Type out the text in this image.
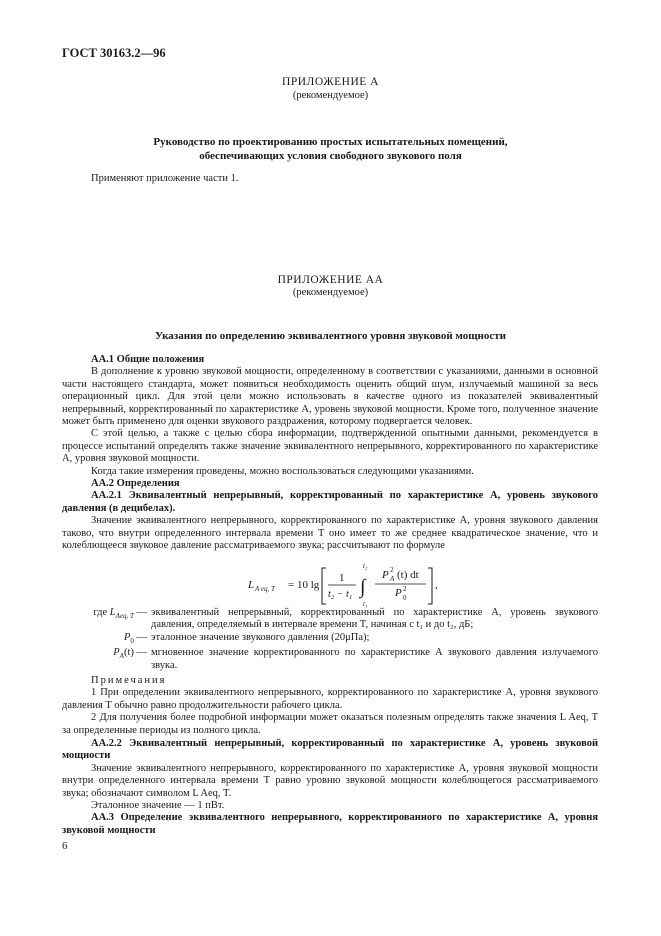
ГОСТ 30163.2—96
ПРИЛОЖЕНИЕ А
(рекомендуемое)
Руководство по проектированию простых испытательных помещений,
обеспечивающих условия свободного звукового поля

Применяют приложение части 1.

ПРИЛОЖЕНИЕ АА
(рекомендуемое)
Указания по определению эквивалентного уровня звуковой мощности

АА.1 Общие положения

В дополнение к уровню звуковой мощности, определенному в соответствии с указаниями, данными в основной части настоящего стандарта, может появиться необходимость оценить общий шум, излучаемый машиной за весь операционный цикл. Для этой цели можно использовать в качестве одного из показателей эквивалентный непрерывный, корректированный по характеристике А, уровень звуковой мощности. Кроме того, полученное значение может быть применено для оценки звукового раздражения, которому подвергается человек.

С этой целью, а также с целью сбора информации, подтвержденной опытными данными, рекомендуется в процессе испытаний определять также значение эквивалентного непрерывного, корректированного по характеристике А, уровня звуковой мощности.

Когда такие измерения проведены, можно воспользоваться следующими указаниями.

АА.2 Определения

АА.2.1 Эквивалентный непрерывный, корректированный по характеристике А, уровень звукового давления (в децибелах).

Значение эквивалентного непрерывного, корректированного по характеристике А, уровня звукового давления таково, что внутри определенного интервала времени T оно имеет то же среднее квадратическое значение, что и колеблющееся звуковое давление рассматриваемого звука; рассчитывают по формуле

L A eq, T = 10 lg
1
t₂ − t₁
t₂
∫
t₁
P 2
A (t) dt
P 2
0
,
где $L_{Aeq, T}$ — эквивалентный непрерывный, корректированный по характеристике А, уровень звукового давления, определяемый в интервале времени T, начиная с t₁ и до t₂, дБ;
$P_0$ — эталонное значение звукового давления (20μПа);
$P_A(t)$ — мгновенное значение корректированного по характеристике А звукового давления излучаемого звука.

Примечания

1 При определении эквивалентного непрерывного, корректированного по характеристике А, уровня звукового давления T обычно равно продолжительности рабочего цикла.

2 Для получения более подробной информации может оказаться полезным определять также значения L Aeq, T за определенные периоды из полного цикла.

АА.2.2 Эквивалентный непрерывный, корректированный по характеристике А, уровень звуковой мощности

Значение эквивалентного непрерывного, корректированного по характеристике А, уровня звуковой мощности внутри определенного интервала времени T равно уровню звуковой мощности колеблющегося рассматриваемого звука; обозначают символом L Aeq, T.

Эталонное значение — 1 пВт.

АА.3 Определение эквивалентного непрерывного, корректированного по характеристике А, уровня звуковой мощности

6
